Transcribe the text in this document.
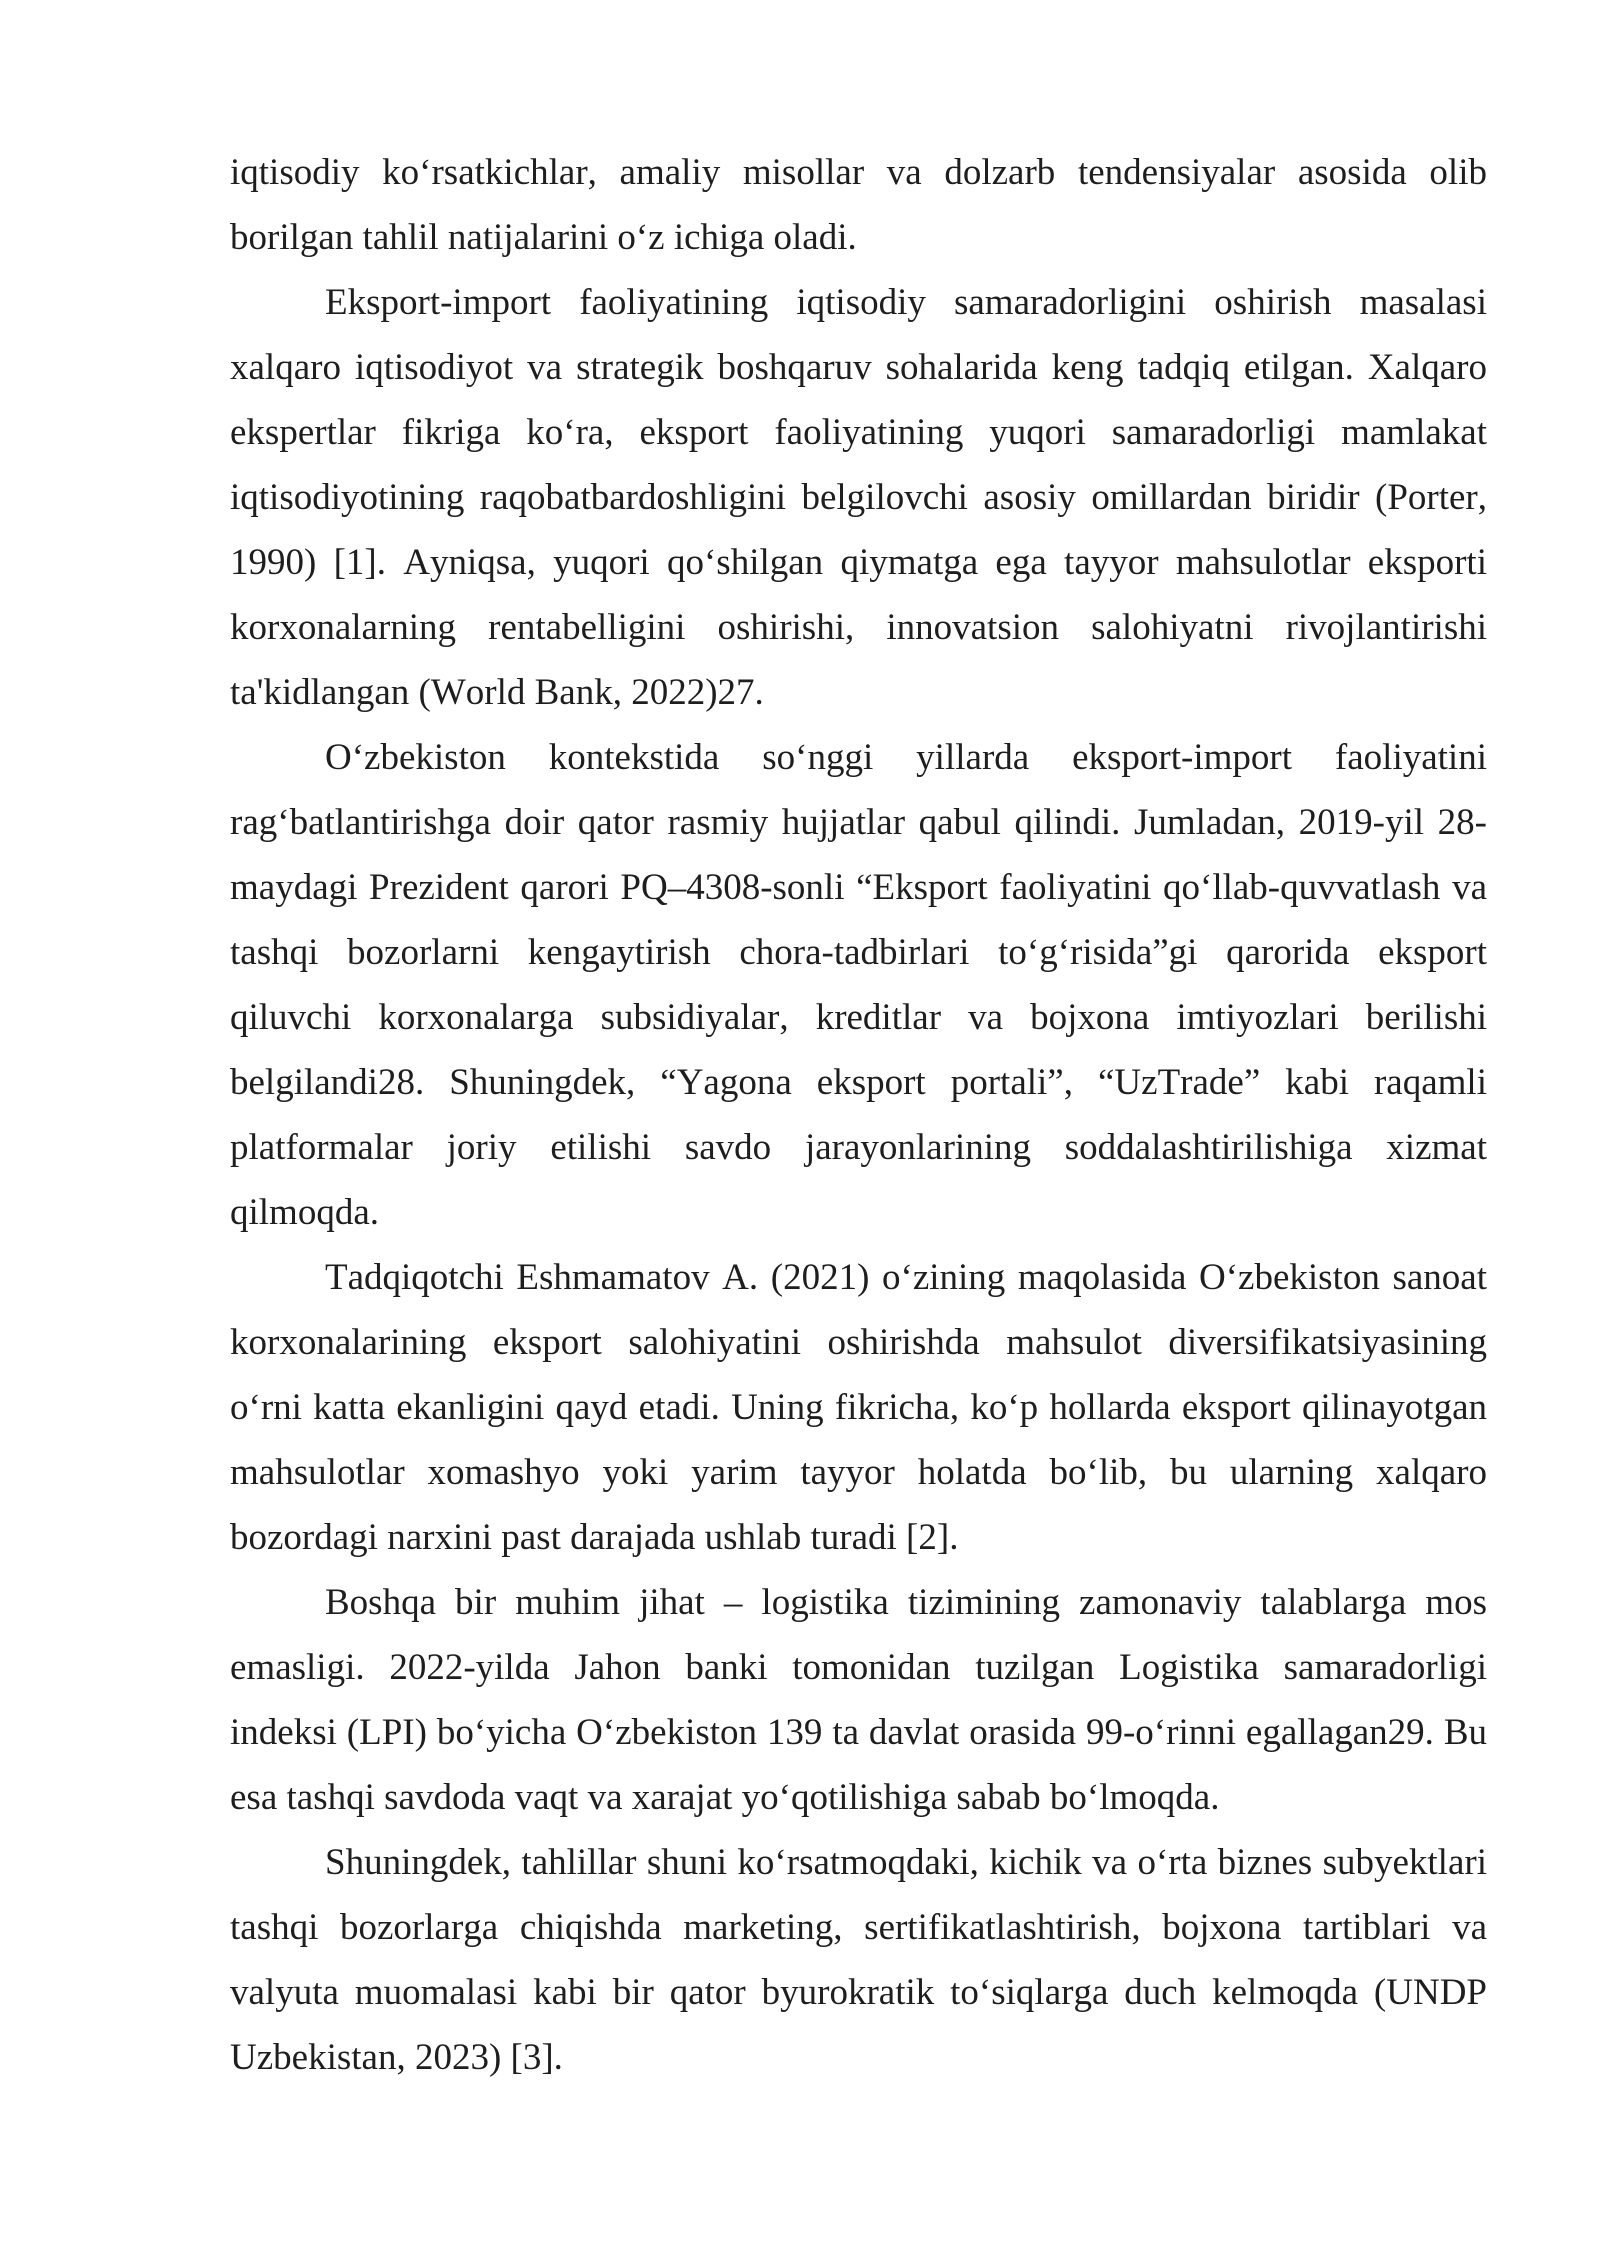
iqtisodiy ko‘rsatkichlar, amaliy misollar va dolzarb tendensiyalar asosida olib
borilgan tahlil natijalarini o‘z ichiga oladi.

Eksport-import faoliyatining iqtisodiy samaradorligini oshirish masalasi
xalqaro iqtisodiyot va strategik boshqaruv sohalarida keng tadqiq etilgan. Xalqaro
ekspertlar fikriga ko‘ra, eksport faoliyatining yuqori samaradorligi mamlakat
iqtisodiyotining raqobatbardoshligini belgilovchi asosiy omillardan biridir (Porter,
1990) [1]. Ayniqsa, yuqori qo‘shilgan qiymatga ega tayyor mahsulotlar eksporti
korxonalarning rentabelligini oshirishi, innovatsion salohiyatni rivojlantirishi
ta'kidlangan (World Bank, 2022)27.

O‘zbekiston kontekstida so‘nggi yillarda eksport-import faoliyatini
rag‘batlantirishga doir qator rasmiy hujjatlar qabul qilindi. Jumladan, 2019-yil 28-
maydagi Prezident qarori PQ–4308-sonli “Eksport faoliyatini qo‘llab-quvvatlash va
tashqi bozorlarni kengaytirish chora-tadbirlari to‘g‘risida”gi qarorida eksport
qiluvchi korxonalarga subsidiyalar, kreditlar va bojxona imtiyozlari berilishi
belgilandi28. Shuningdek, “Yagona eksport portali”, “UzTrade” kabi raqamli
platformalar joriy etilishi savdo jarayonlarining soddalashtirilishiga xizmat
qilmoqda.

Tadqiqotchi Eshmamatov A. (2021) o‘zining maqolasida O‘zbekiston sanoat
korxonalarining eksport salohiyatini oshirishda mahsulot diversifikatsiyasining
o‘rni katta ekanligini qayd etadi. Uning fikricha, ko‘p hollarda eksport qilinayotgan
mahsulotlar xomashyo yoki yarim tayyor holatda bo‘lib, bu ularning xalqaro
bozordagi narxini past darajada ushlab turadi [2].

Boshqa bir muhim jihat – logistika tizimining zamonaviy talablarga mos
emasligi. 2022-yilda Jahon banki tomonidan tuzilgan Logistika samaradorligi
indeksi (LPI) bo‘yicha O‘zbekiston 139 ta davlat orasida 99-o‘rinni egallagan29. Bu
esa tashqi savdoda vaqt va xarajat yo‘qotilishiga sabab bo‘lmoqda.

Shuningdek, tahlillar shuni ko‘rsatmoqdaki, kichik va o‘rta biznes subyektlari
tashqi bozorlarga chiqishda marketing, sertifikatlashtirish, bojxona tartiblari va
valyuta muomalasi kabi bir qator byurokratik to‘siqlarga duch kelmoqda (UNDP
Uzbekistan, 2023) [3].
